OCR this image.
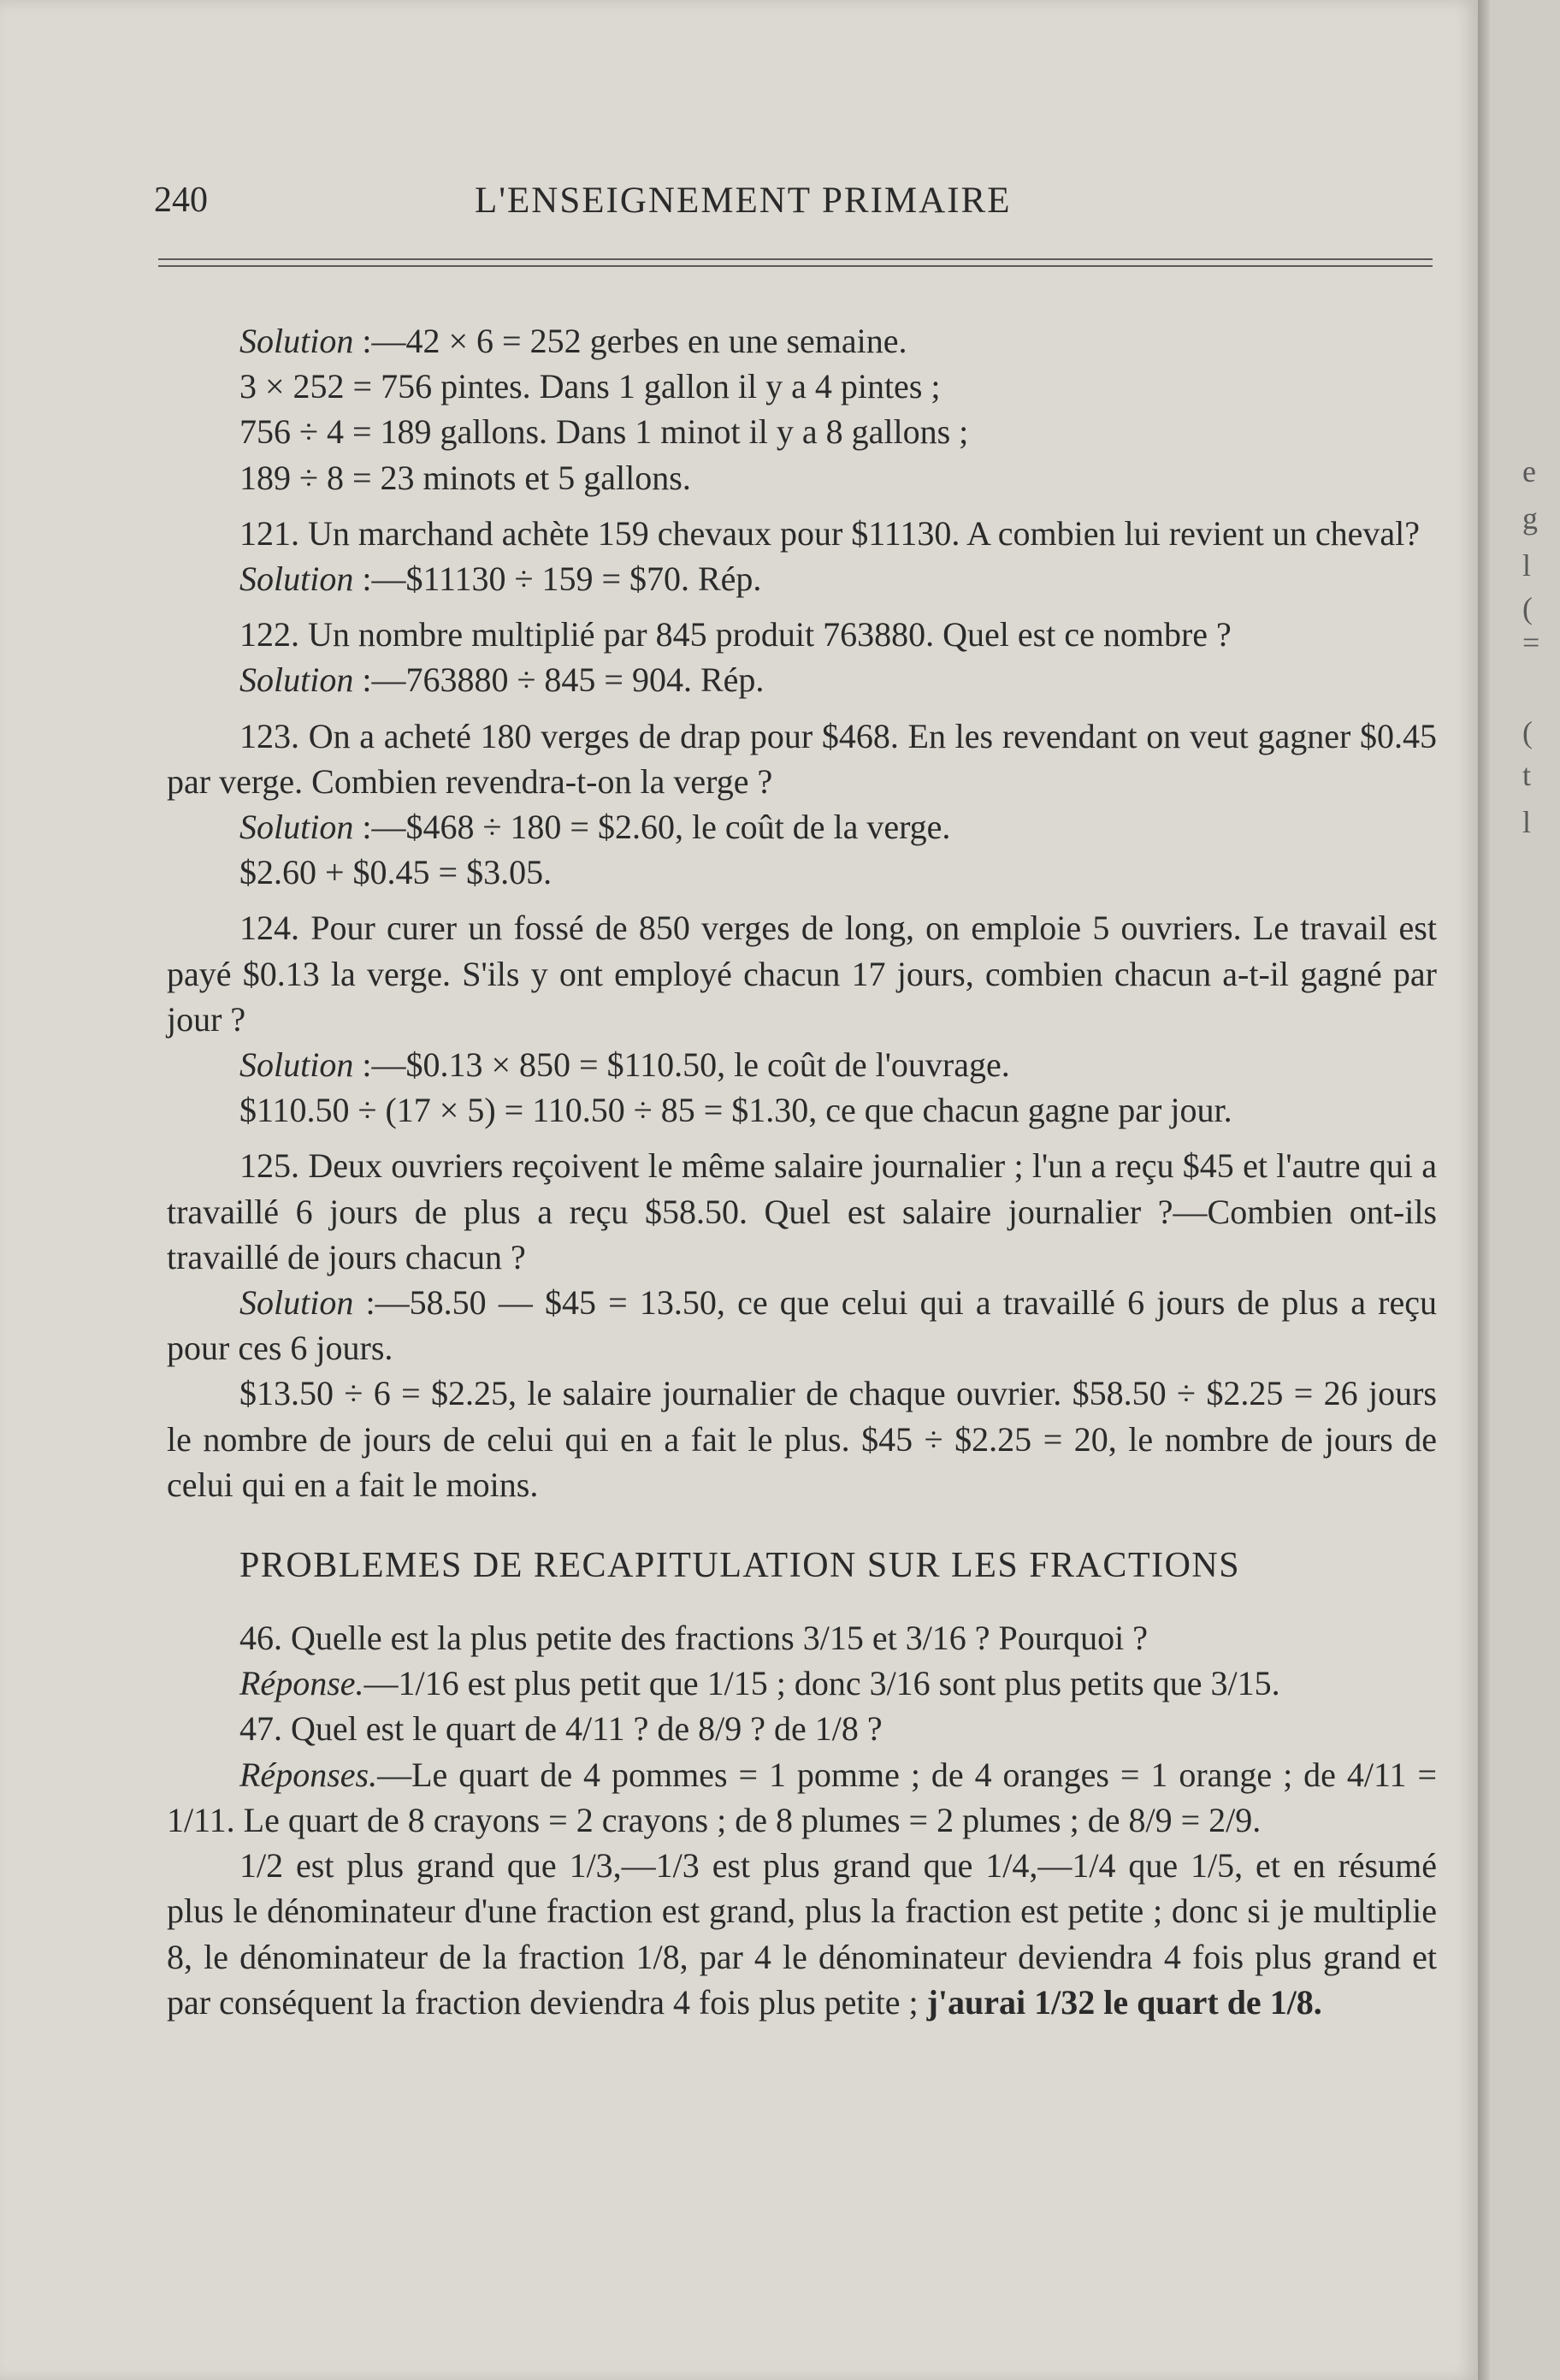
240	L'ENSEIGNEMENT PRIMAIRE

Solution :—42 × 6 = 252 gerbes en une semaine.

3 × 252 = 756 pintes. Dans 1 gallon il y a 4 pintes ;

756 ÷ 4 = 189 gallons. Dans 1 minot il y a 8 gallons ;

189 ÷ 8 = 23 minots et 5 gallons.

121. Un marchand achète 159 chevaux pour $11130. A combien lui revient un cheval?

Solution :—$11130 ÷ 159 = $70. Rép.

122. Un nombre multiplié par 845 produit 763880. Quel est ce nombre ?

Solution :—763880 ÷ 845 = 904. Rép.

123. On a acheté 180 verges de drap pour $468. En les revendant on veut gagner $0.45 par verge. Combien revendra-t-on la verge ?

Solution :—$468 ÷ 180 = $2.60, le coût de la verge.

$2.60 + $0.45 = $3.05.

124. Pour curer un fossé de 850 verges de long, on emploie 5 ouvriers. Le travail est payé $0.13 la verge. S'ils y ont employé chacun 17 jours, combien chacun a-t-il gagné par jour ?

Solution :—$0.13 × 850 = $110.50, le coût de l'ouvrage.

$110.50 ÷ (17 × 5) = 110.50 ÷ 85 = $1.30, ce que chacun gagne par jour.

125. Deux ouvriers reçoivent le même salaire journalier ; l'un a reçu $45 et l'autre qui a travaillé 6 jours de plus a reçu $58.50. Quel est salaire journalier ?—Combien ont-ils travaillé de jours chacun ?

Solution :—58.50 — $45 = 13.50, ce que celui qui a travaillé 6 jours de plus a reçu pour ces 6 jours.

$13.50 ÷ 6 = $2.25, le salaire journalier de chaque ouvrier. $58.50 ÷ $2.25 = 26 jours le nombre de jours de celui qui en a fait le plus. $45 ÷ $2.25 = 20, le nombre de jours de celui qui en a fait le moins.

PROBLEMES DE RECAPITULATION SUR LES FRACTIONS

46. Quelle est la plus petite des fractions 3/15 et 3/16 ? Pourquoi ?

Réponse.—1/16 est plus petit que 1/15 ; donc 3/16 sont plus petits que 3/15.

47. Quel est le quart de 4/11 ? de 8/9 ? de 1/8 ?

Réponses.—Le quart de 4 pommes = 1 pomme ; de 4 oranges = 1 orange ; de 4/11 = 1/11. Le quart de 8 crayons = 2 crayons ; de 8 plumes = 2 plumes ; de 8/9 = 2/9.

1/2 est plus grand que 1/3,—1/3 est plus grand que 1/4,—1/4 que 1/5, et en résumé plus le dénominateur d'une fraction est grand, plus la fraction est petite ; donc si je multiplie 8, le dénominateur de la fraction 1/8, par 4 le dénominateur deviendra 4 fois plus grand et par conséquent la fraction deviendra 4 fois plus petite ; j'aurai 1/32 le quart de 1/8.

e
g
l
(
=
(
t
l
